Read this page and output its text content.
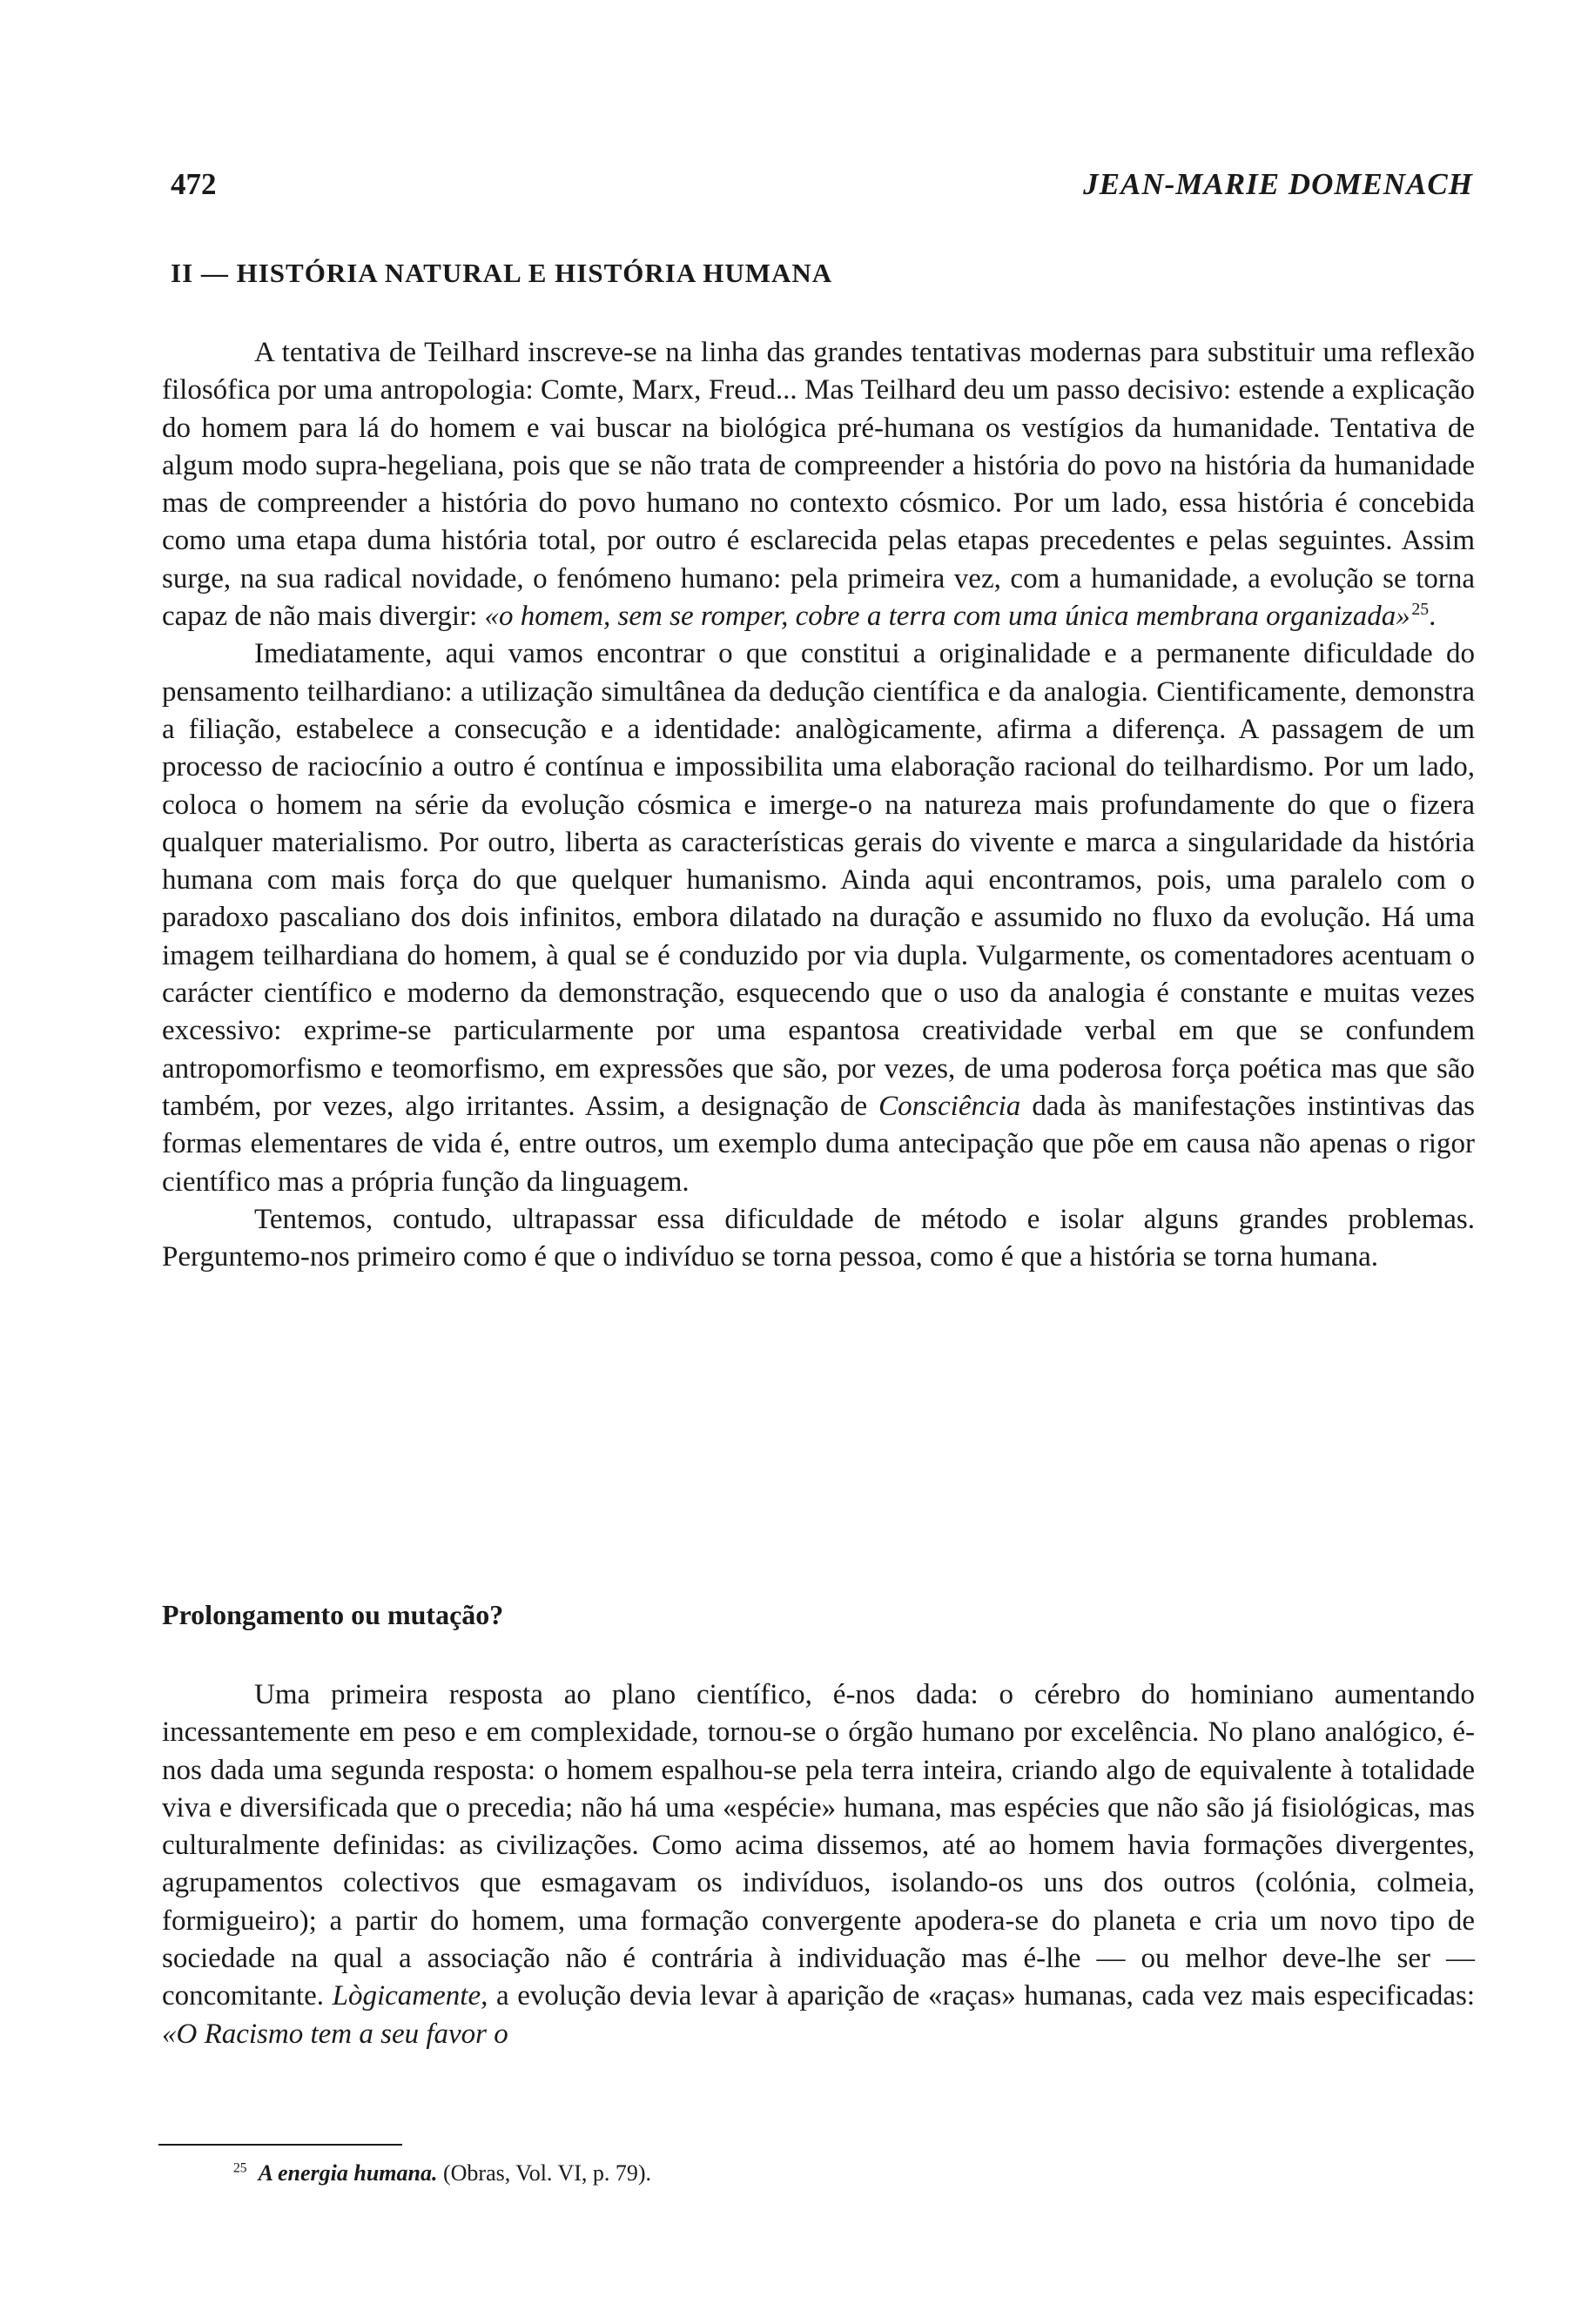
472	JEAN-MARIE DOMENACH
II — HISTÓRIA NATURAL E HISTÓRIA HUMANA

A tentativa de Teilhard inscreve-se na linha das grandes tentativas modernas para substituir uma reflexão filosófica por uma antropologia: Comte, Marx, Freud... Mas Teilhard deu um passo decisivo: estende a explicação do homem para lá do homem e vai buscar na biológica pré-humana os vestígios da humanidade. Tentativa de algum modo supra-hegeliana, pois que se não trata de compreender a história do povo na história da humanidade mas de compreender a história do povo humano no contexto cósmico. Por um lado, essa história é concebida como uma etapa duma história total, por outro é esclarecida pelas etapas precedentes e pelas seguintes. Assim surge, na sua radical novidade, o fenómeno humano: pela primeira vez, com a humanidade, a evolução se torna capaz de não mais divergir: «o homem, sem se romper, cobre a terra com uma única membrana organizada» $^{25}$.

Imediatamente, aqui vamos encontrar o que constitui a originalidade e a permanente dificuldade do pensamento teilhardiano: a utilização simultânea da dedução científica e da analogia. Cientificamente, demonstra a filiação, estabelece a consecução e a identidade: analògicamente, afirma a diferença. A passagem de um processo de raciocínio a outro é contínua e impossibilita uma elaboração racional do teilhardismo. Por um lado, coloca o homem na série da evolução cósmica e imerge-o na natureza mais profundamente do que o fizera qualquer materialismo. Por outro, liberta as características gerais do vivente e marca a singularidade da história humana com mais força do que quelquer humanismo. Ainda aqui encontramos, pois, uma paralelo com o paradoxo pascaliano dos dois infinitos, embora dilatado na duração e assumido no fluxo da evolução. Há uma imagem teilhardiana do homem, à qual se é conduzido por via dupla. Vulgarmente, os comentadores acentuam o carácter científico e moderno da demonstração, esquecendo que o uso da analogia é constante e muitas vezes excessivo: exprime-se particularmente por uma espantosa creatividade verbal em que se confundem antropomorfismo e teomorfismo, em expressões que são, por vezes, de uma poderosa força poética mas que são também, por vezes, algo irritantes. Assim, a designação de Consciência dada às manifestações instintivas das formas elementares de vida é, entre outros, um exemplo duma antecipação que põe em causa não apenas o rigor científico mas a própria função da linguagem.

Tentemos, contudo, ultrapassar essa dificuldade de método e isolar alguns grandes problemas. Perguntemo-nos primeiro como é que o indivíduo se torna pessoa, como é que a história se torna humana.

Prolongamento ou mutação?

Uma primeira resposta ao plano científico, é-nos dada: o cérebro do hominiano aumentando incessantemente em peso e em complexidade, tornou-se o órgão humano por excelência. No plano analógico, é-nos dada uma segunda resposta: o homem espalhou-se pela terra inteira, criando algo de equivalente à totalidade viva e diversificada que o precedia; não há uma «espécie» humana, mas espécies que não são já fisiológicas, mas culturalmente definidas: as civilizações. Como acima dissemos, até ao homem havia formações divergentes, agrupamentos colectivos que esmagavam os indivíduos, isolando-os uns dos outros (colónia, colmeia, formigueiro); a partir do homem, uma formação convergente apodera-se do planeta e cria um novo tipo de sociedade na qual a associação não é contrária à individuação mas é-lhe — ou melhor deve-lhe ser — concomitante. Lògicamente, a evolução devia levar à aparição de «raças» humanas, cada vez mais especificadas: «O Racismo tem a seu favor o

$^{25}$ A energia humana. (Obras, Vol. VI, p. 79).
